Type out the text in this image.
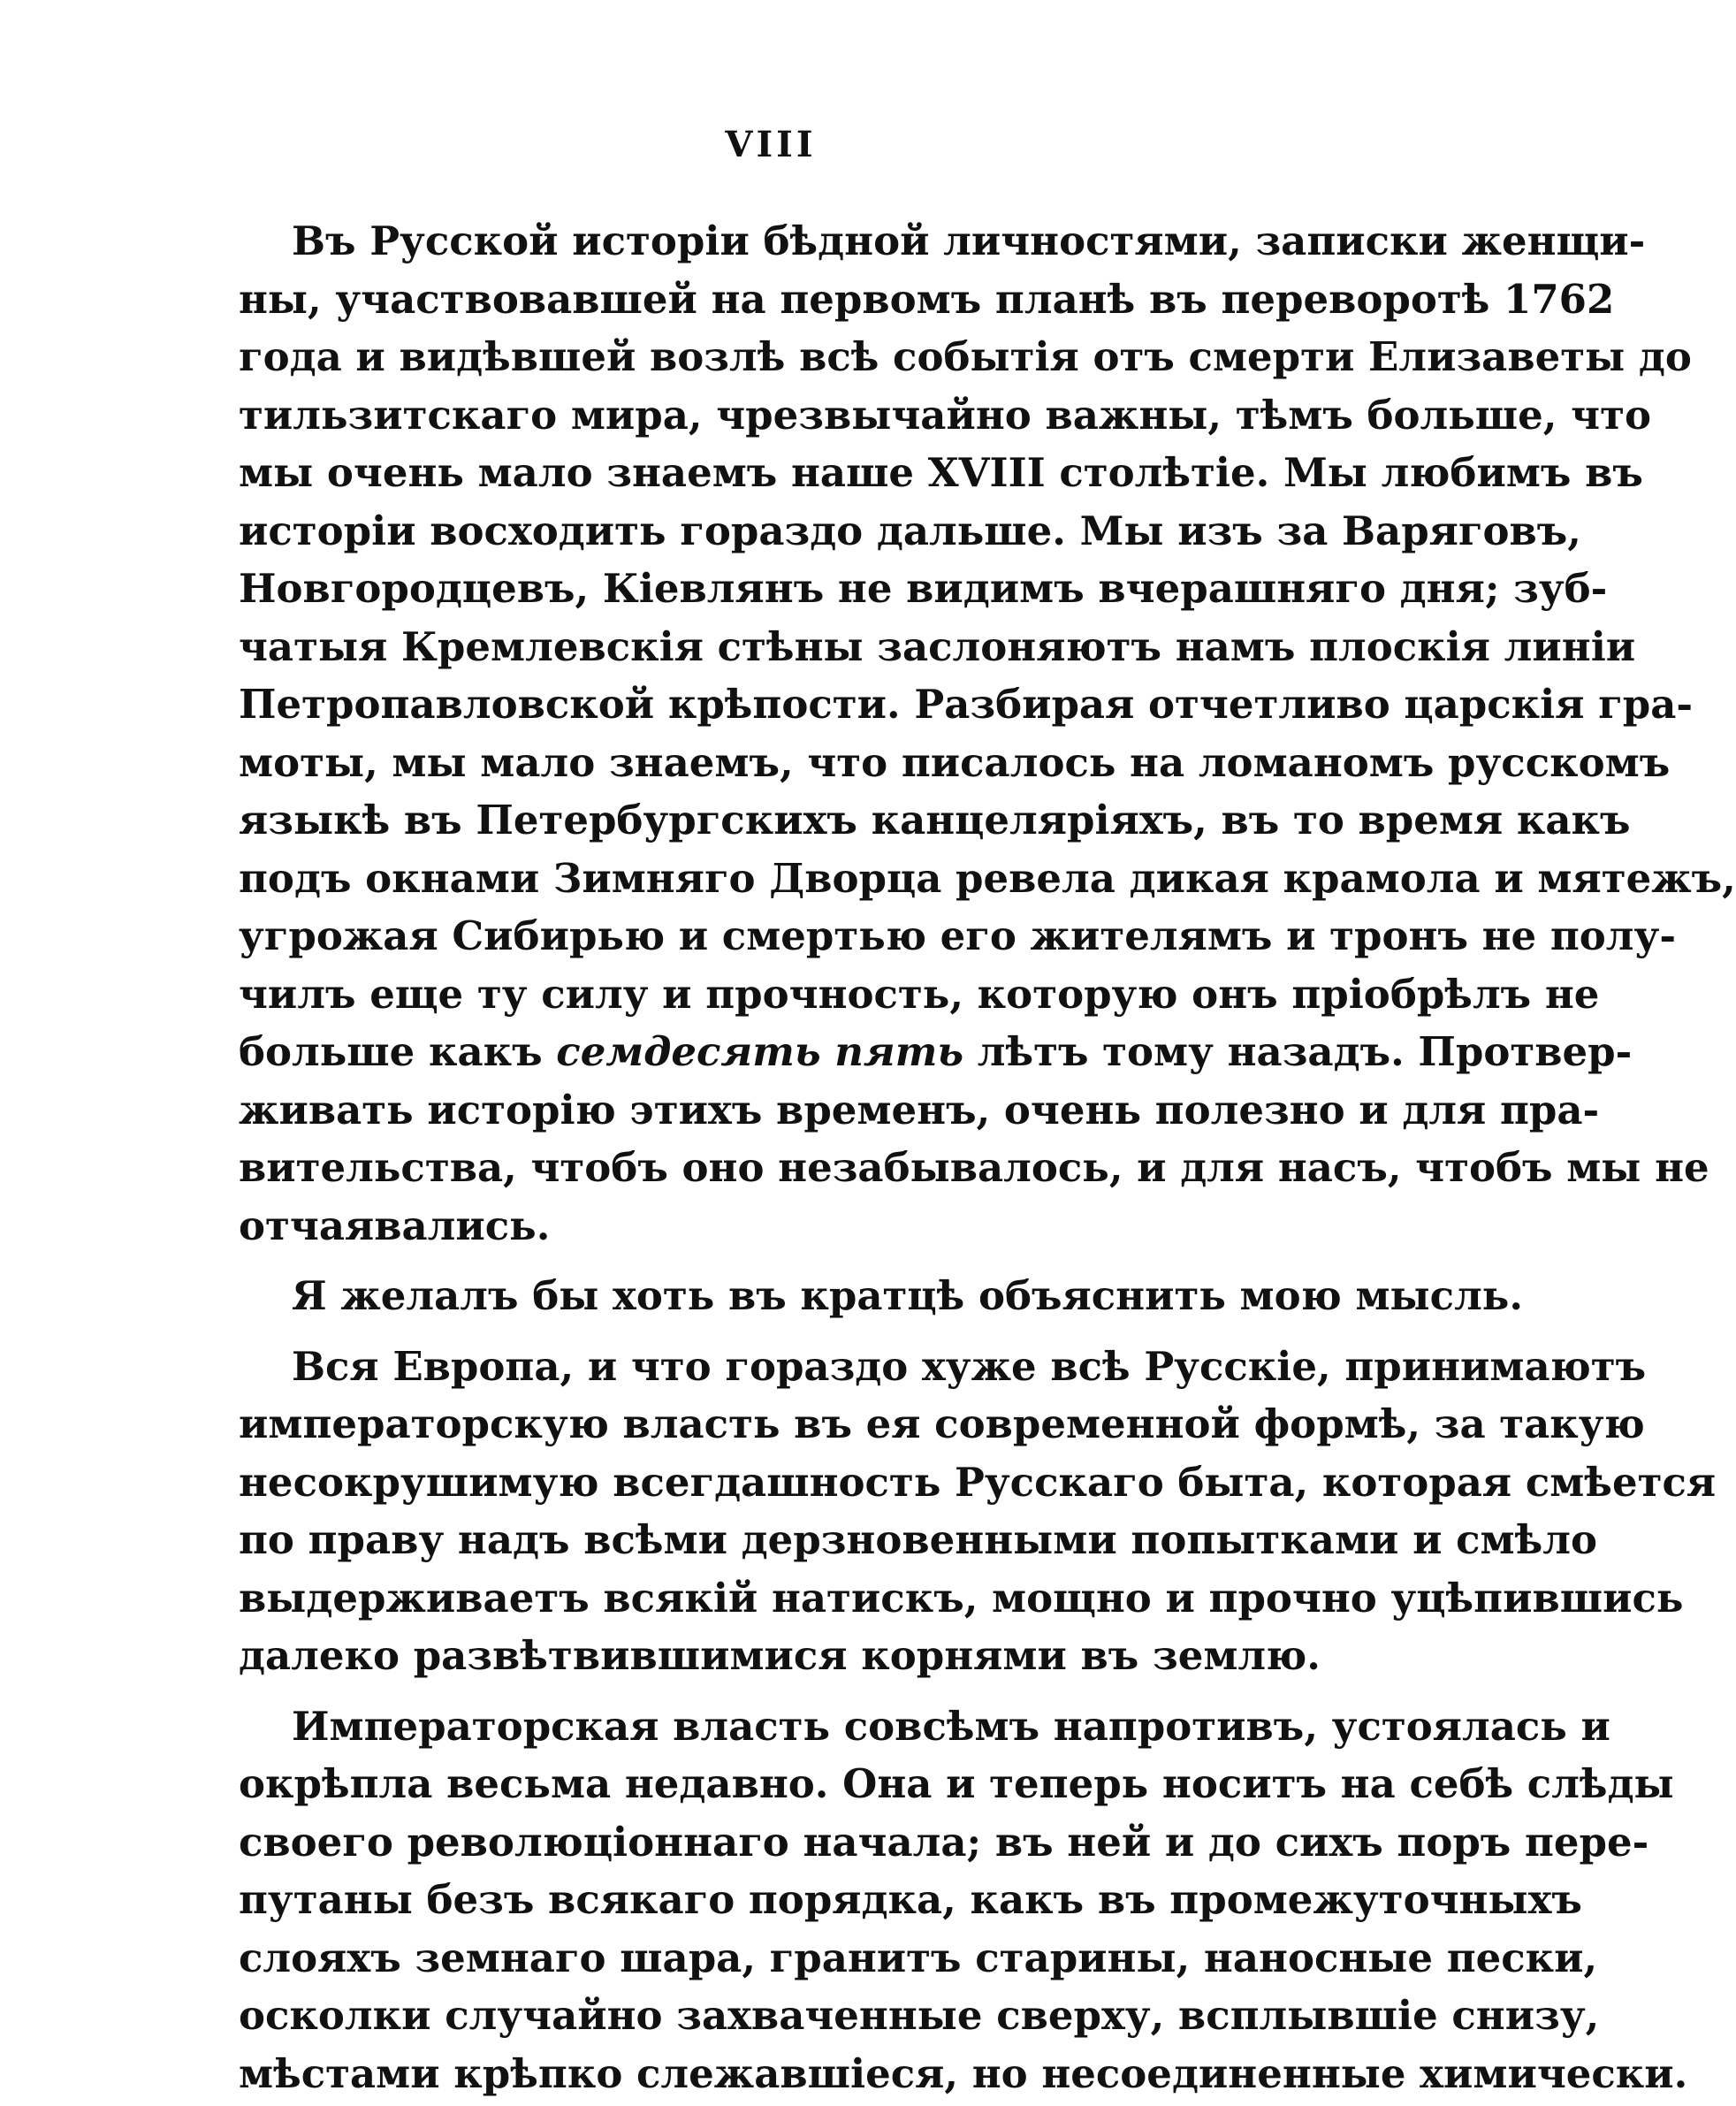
VIII
Въ Русской исторіи бѣдной личностями, записки женщи-
ны, участвовавшей на первомъ планѣ въ переворотѣ 1762
года и видѣвшей возлѣ всѣ событія отъ смерти Елизаветы до
тильзитскаго мира, чрезвычайно важны, тѣмъ больше, что
мы очень мало знаемъ наше XVIII столѣтіе. Мы любимъ въ
исторіи восходить гораздо дальше. Мы изъ за Варяговъ,
Новгородцевъ, Кіевлянъ не видимъ вчерашняго дня; зуб-
чатыя Кремлевскія стѣны заслоняютъ намъ плоскія линіи
Петропавловской крѣпости. Разбирая отчетливо царскія гра-
моты, мы мало знаемъ, что писалось на ломаномъ русскомъ
языкѣ въ Петербургскихъ канцеляріяхъ, въ то время какъ
подъ окнами Зимняго Дворца ревела дикая крамола и мятежъ,
угрожая Сибирью и смертью его жителямъ и тронъ не полу-
чилъ еще ту силу и прочность, которую онъ пріобрѣлъ не
больше какъ семдесять пять лѣтъ тому назадъ. Протвер-
живать исторію этихъ временъ, очень полезно и для пра-
вительства, чтобъ оно незабывалось, и для насъ, чтобъ мы не
отчаявались.
Я желалъ бы хоть въ кратцѣ объяснить мою мысль.
Вся Европа, и что гораздо хуже всѣ Русскіе, принимаютъ
императорскую власть въ ея современной формѣ, за такую
несокрушимую всегдашность Русскаго быта, которая смѣется
по праву надъ всѣми дерзновенными попытками и смѣло
выдерживаетъ всякій натискъ, мощно и прочно уцѣпившись
далеко развѣтвившимися корнями въ землю.
Императорская власть совсѣмъ напротивъ, устоялась и
окрѣпла весьма недавно. Она и теперь носитъ на себѣ слѣды
своего революціоннаго начала; въ ней и до сихъ поръ пере-
путаны безъ всякаго порядка, какъ въ промежуточныхъ
слояхъ земнаго шара, гранитъ старины, наносные пески,
осколки случайно захваченные сверху, всплывшіе снизу,
мѣстами крѣпко слежавшіеся, но несоединенные химически.
